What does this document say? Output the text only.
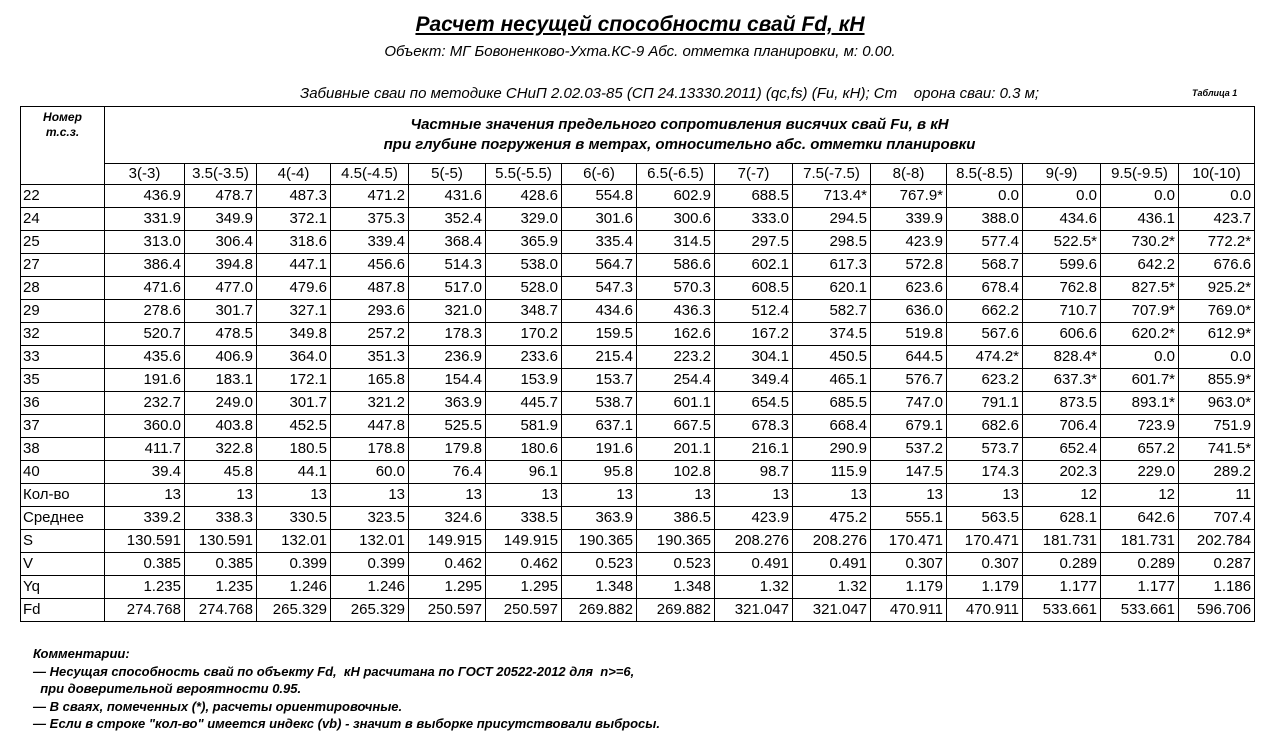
Расчет несущей способности свай Fd, кН
Объект: МГ Бовоненково-Ухта.КС-9 Абс. отметка планировки, м: 0.00.
Забивные сваи по методике СНиП 2.02.03-85 (СП 24.13330.2011) (qc,fs) (Fu, кН); Ст    орона сваи: 0.3 м;	Таблица 1
Номер
т.с.з.	Частные значения предельного сопротивления висячих свай Fu, в кН
при глубине погружения в метрах, относительно абс. отметки планировки														
	3(-3)	3.5(-3.5)	4(-4)	4.5(-4.5)	5(-5)	5.5(-5.5)	6(-6)	6.5(-6.5)	7(-7)	7.5(-7.5)	8(-8)	8.5(-8.5)	9(-9)	9.5(-9.5)	10(-10)
22	436.9	478.7	487.3	471.2	431.6	428.6	554.8	602.9	688.5	713.4*	767.9*	0.0	0.0	0.0	0.0
24	331.9	349.9	372.1	375.3	352.4	329.0	301.6	300.6	333.0	294.5	339.9	388.0	434.6	436.1	423.7
25	313.0	306.4	318.6	339.4	368.4	365.9	335.4	314.5	297.5	298.5	423.9	577.4	522.5*	730.2*	772.2*
27	386.4	394.8	447.1	456.6	514.3	538.0	564.7	586.6	602.1	617.3	572.8	568.7	599.6	642.2	676.6
28	471.6	477.0	479.6	487.8	517.0	528.0	547.3	570.3	608.5	620.1	623.6	678.4	762.8	827.5*	925.2*
29	278.6	301.7	327.1	293.6	321.0	348.7	434.6	436.3	512.4	582.7	636.0	662.2	710.7	707.9*	769.0*
32	520.7	478.5	349.8	257.2	178.3	170.2	159.5	162.6	167.2	374.5	519.8	567.6	606.6	620.2*	612.9*
33	435.6	406.9	364.0	351.3	236.9	233.6	215.4	223.2	304.1	450.5	644.5	474.2*	828.4*	0.0	0.0
35	191.6	183.1	172.1	165.8	154.4	153.9	153.7	254.4	349.4	465.1	576.7	623.2	637.3*	601.7*	855.9*
36	232.7	249.0	301.7	321.2	363.9	445.7	538.7	601.1	654.5	685.5	747.0	791.1	873.5	893.1*	963.0*
37	360.0	403.8	452.5	447.8	525.5	581.9	637.1	667.5	678.3	668.4	679.1	682.6	706.4	723.9	751.9
38	411.7	322.8	180.5	178.8	179.8	180.6	191.6	201.1	216.1	290.9	537.2	573.7	652.4	657.2	741.5*
40	39.4	45.8	44.1	60.0	76.4	96.1	95.8	102.8	98.7	115.9	147.5	174.3	202.3	229.0	289.2
Кол-во	13	13	13	13	13	13	13	13	13	13	13	13	12	12	11
Среднее	339.2	338.3	330.5	323.5	324.6	338.5	363.9	386.5	423.9	475.2	555.1	563.5	628.1	642.6	707.4
S	130.591	130.591	132.01	132.01	149.915	149.915	190.365	190.365	208.276	208.276	170.471	170.471	181.731	181.731	202.784
V	0.385	0.385	0.399	0.399	0.462	0.462	0.523	0.523	0.491	0.491	0.307	0.307	0.289	0.289	0.287
Yq	1.235	1.235	1.246	1.246	1.295	1.295	1.348	1.348	1.32	1.32	1.179	1.179	1.177	1.177	1.186
Fd	274.768	274.768	265.329	265.329	250.597	250.597	269.882	269.882	321.047	321.047	470.911	470.911	533.661	533.661	596.706
Комментарии:
— Несущая способность свай по объекту Fd,  кН расчитана по ГОСТ 20522-2012 для  n>=6,
при доверительной вероятности 0.95.
— В сваях, помеченных (*), расчеты ориентировочные.
— Если в строке "кол-во" имеется индекс (vb) - значит в выборке присутствовали выбросы.
